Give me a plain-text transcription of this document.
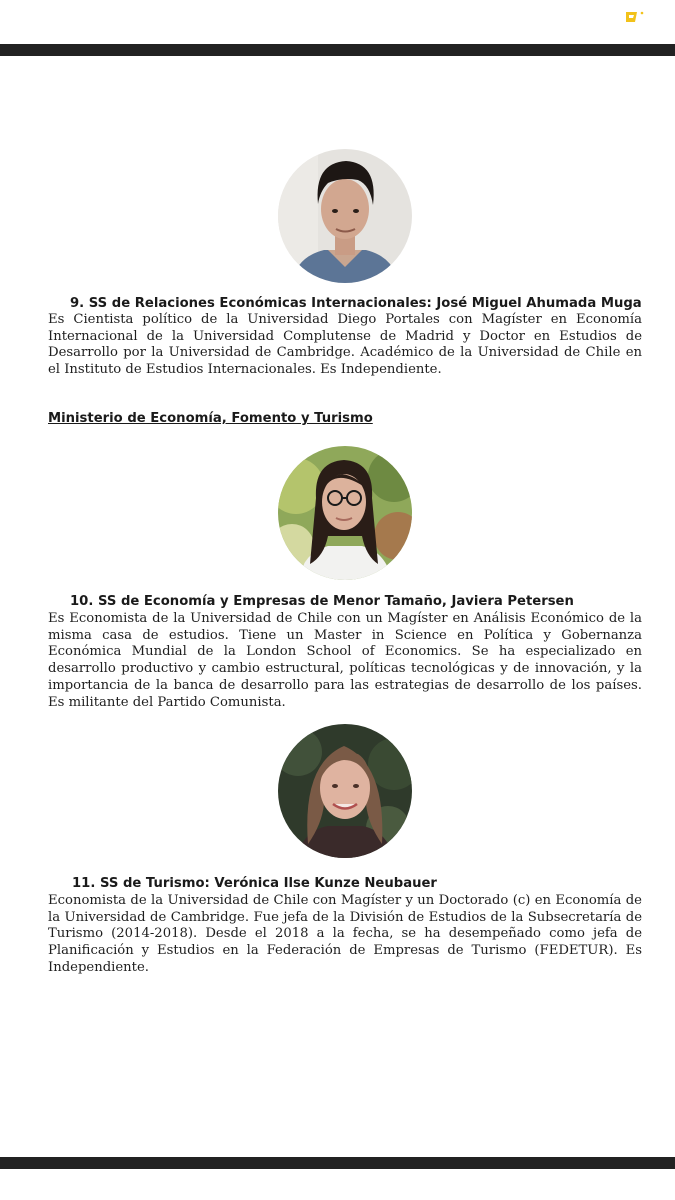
9. SS de Relaciones Económicas Internacionales: José Miguel Ahumada Muga
Es Cientista político de la Universidad Diego Portales con Magíster en Economía Internacional de la Universidad Complutense de Madrid y Doctor en Estudios de Desarrollo por la Universidad de Cambridge. Académico de la Universidad de Chile en el Instituto de Estudios Internacionales. Es Independiente.
Ministerio de Economía, Fomento y Turismo
10. SS de Economía y Empresas de Menor Tamaño, Javiera Petersen
Es Economista de la Universidad de Chile con un Magíster en Análisis Económico de la misma casa de estudios. Tiene un Master in Science en Política y Gobernanza Económica Mundial de la London School of Economics. Se ha especializado en desarrollo productivo y cambio estructural, políticas tecnológicas y de innovación, y la importancia de la banca de desarrollo para las estrategias de desarrollo de los países. Es militante del Partido Comunista.
11. SS de Turismo: Verónica Ilse Kunze Neubauer
Economista de la Universidad de Chile con Magíster y un Doctorado (c) en Economía de la Universidad de Cambridge. Fue jefa de la División de Estudios de la Subsecretaría de Turismo (2014-2018). Desde el 2018 a la fecha, se ha desempeñado como jefa de Planificación y Estudios en la Federación de Empresas de Turismo (FEDETUR). Es Independiente.
